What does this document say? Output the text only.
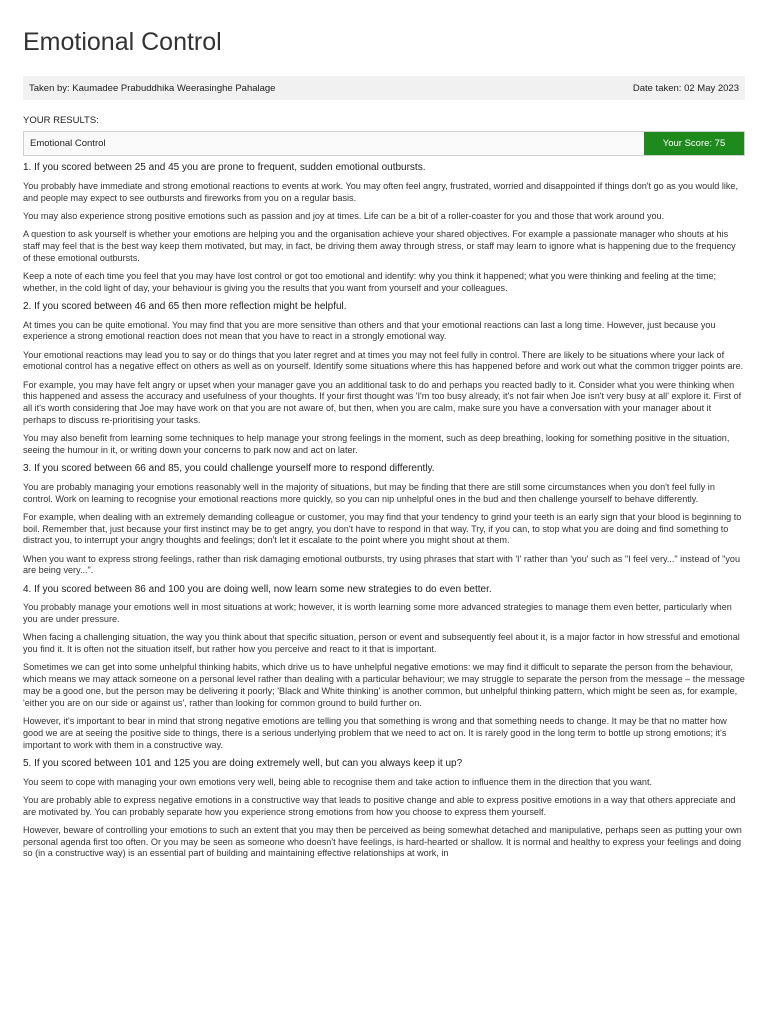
Emotional Control
Taken by: Kaumadee Prabuddhika Weerasinghe Pahalage	Date taken: 02 May 2023
YOUR RESULTS:
Emotional Control	Your Score: 75

1. If you scored between 25 and 45 you are prone to frequent, sudden emotional outbursts.

You probably have immediate and strong emotional reactions to events at work. You may often feel angry, frustrated, worried and disappointed if things don't go as you would like, and people may expect to see outbursts and fireworks from you on a regular basis.

You may also experience strong positive emotions such as passion and joy at times. Life can be a bit of a roller-coaster for you and those that work around you.

A question to ask yourself is whether your emotions are helping you and the organisation achieve your shared objectives. For example a passionate manager who shouts at his staff may feel that is the best way keep them motivated, but may, in fact, be driving them away through stress, or staff may learn to ignore what is happening due to the frequency of these emotional outbursts.

Keep a note of each time you feel that you may have lost control or got too emotional and identify: why you think it happened; what you were thinking and feeling at the time; whether, in the cold light of day, your behaviour is giving you the results that you want from yourself and your colleagues.

2. If you scored between 46 and 65 then more reflection might be helpful.

At times you can be quite emotional. You may find that you are more sensitive than others and that your emotional reactions can last a long time. However, just because you experience a strong emotional reaction does not mean that you have to react in a strongly emotional way.

Your emotional reactions may lead you to say or do things that you later regret and at times you may not feel fully in control. There are likely to be situations where your lack of emotional control has a negative effect on others as well as on yourself. Identify some situations where this has happened before and work out what the common trigger points are.

For example, you may have felt angry or upset when your manager gave you an additional task to do and perhaps you reacted badly to it. Consider what you were thinking when this happened and assess the accuracy and usefulness of your thoughts. If your first thought was 'I'm too busy already, it's not fair when Joe isn't very busy at all' explore it. First of all it's worth considering that Joe may have work on that you are not aware of, but then, when you are calm, make sure you have a conversation with your manager about it perhaps to discuss re-prioritising your tasks.

You may also benefit from learning some techniques to help manage your strong feelings in the moment, such as deep breathing, looking for something positive in the situation, seeing the humour in it, or writing down your concerns to park now and act on later.

3. If you scored between 66 and 85, you could challenge yourself more to respond differently.

You are probably managing your emotions reasonably well in the majority of situations, but may be finding that there are still some circumstances when you don't feel fully in control. Work on learning to recognise your emotional reactions more quickly, so you can nip unhelpful ones in the bud and then challenge yourself to behave differently.

For example, when dealing with an extremely demanding colleague or customer, you may find that your tendency to grind your teeth is an early sign that your blood is beginning to boil. Remember that, just because your first instinct may be to get angry, you don't have to respond in that way. Try, if you can, to stop what you are doing and find something to distract you, to interrupt your angry thoughts and feelings; don't let it escalate to the point where you might shout at them.

When you want to express strong feelings, rather than risk damaging emotional outbursts, try using phrases that start with 'I' rather than 'you' such as "I feel very..." instead of "you are being very...".

4. If you scored between 86 and 100 you are doing well, now learn some new strategies to do even better.

You probably manage your emotions well in most situations at work; however, it is worth learning some more advanced strategies to manage them even better, particularly when you are under pressure.

When facing a challenging situation, the way you think about that specific situation, person or event and subsequently feel about it, is a major factor in how stressful and emotional you find it. It is often not the situation itself, but rather how you perceive and react to it that is important.

Sometimes we can get into some unhelpful thinking habits, which drive us to have unhelpful negative emotions: we may find it difficult to separate the person from the behaviour, which means we may attack someone on a personal level rather than dealing with a particular behaviour; we may struggle to separate the person from the message – the message may be a good one, but the person may be delivering it poorly; 'Black and White thinking' is another common, but unhelpful thinking pattern, which might be seen as, for example, 'either you are on our side or against us', rather than looking for common ground to build further on.

However, it's important to bear in mind that strong negative emotions are telling you that something is wrong and that something needs to change. It may be that no matter how good we are at seeing the positive side to things, there is a serious underlying problem that we need to act on. It is rarely good in the long term to bottle up strong emotions; it's important to work with them in a constructive way.

5. If you scored between 101 and 125 you are doing extremely well, but can you always keep it up?

You seem to cope with managing your own emotions very well, being able to recognise them and take action to influence them in the direction that you want.

You are probably able to express negative emotions in a constructive way that leads to positive change and able to express positive emotions in a way that others appreciate and are motivated by. You can probably separate how you experience strong emotions from how you choose to express them yourself.

However, beware of controlling your emotions to such an extent that you may then be perceived as being somewhat detached and manipulative, perhaps seen as putting your own personal agenda first too often. Or you may be seen as someone who doesn't have feelings, is hard-hearted or shallow. It is normal and healthy to express your feelings and doing so (in a constructive way) is an essential part of building and maintaining effective relationships at work, in
